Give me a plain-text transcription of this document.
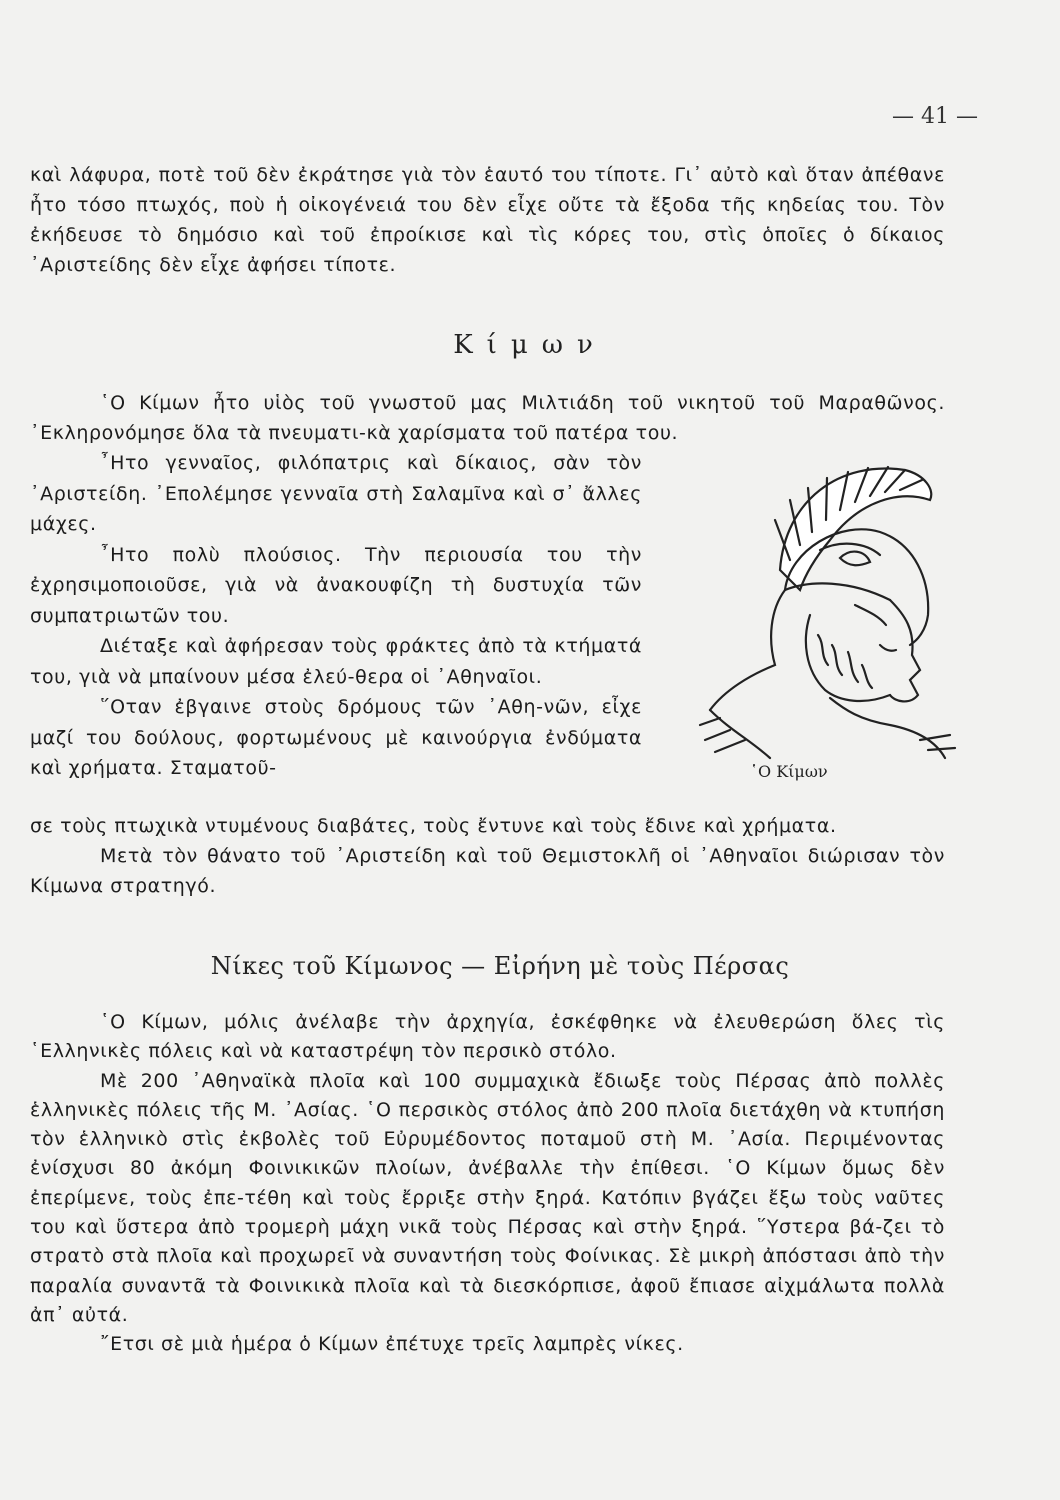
— 41 —

καὶ λάφυρα, ποτὲ τοῦ δὲν ἐκράτησε γιὰ τὸν ἑαυτό του τίποτε. Γι᾿ αὐτὸ καὶ ὅταν ἀπέθανε ἦτο τόσο πτωχός, ποὺ ἡ οἰκογένειά του δὲν εἶχε οὔτε τὰ ἔξοδα τῆς κηδείας του. Τὸν ἐκήδευσε τὸ δημόσιο καὶ τοῦ ἐπροίκισε καὶ τὶς κόρες του, στὶς ὁποῖες ὁ δίκαιος ᾿Αριστείδης δὲν εἶχε ἀφήσει τίποτε.

Κίμων

῾Ο Κίμων ἦτο υἱὸς τοῦ γνωστοῦ μας Μιλτιάδη τοῦ νικητοῦ τοῦ Μαραθῶνος. ᾿Εκληρονόμησε ὅλα τὰ πνευματι-κὰ χαρίσματα τοῦ πατέρα του.

῏Ητο γενναῖος, φιλόπατρις καὶ δίκαιος, σὰν τὸν ᾿Αριστείδη. ᾿Επολέμησε γενναῖα στὴ Σαλαμῖνα καὶ σ᾿ ἄλλες μάχες.

῏Ητο πολὺ πλούσιος. Τὴν περιουσία του τὴν ἐχρησιμοποιοῦσε, γιὰ νὰ ἀνακουφίζη τὴ δυστυχία τῶν συμπατριωτῶν του.

Διέταξε καὶ ἀφήρεσαν τοὺς φράκτες ἀπὸ τὰ κτήματά του, γιὰ νὰ μπαίνουν μέσα ἐλεύ-θερα οἱ ᾿Αθηναῖοι.

῞Οταν ἐβγαινε στοὺς δρόμους τῶν ᾿Αθη-νῶν, εἶχε μαζί του δούλους, φορτωμένους μὲ καινούργια ἐνδύματα καὶ χρήματα. Σταματοῦ-	῾Ο Κίμων

σε τοὺς πτωχικὰ ντυμένους διαβάτες, τοὺς ἔντυνε καὶ τοὺς ἔδινε καὶ χρήματα.

Μετὰ τὸν θάνατο τοῦ ᾿Αριστείδη καὶ τοῦ Θεμιστοκλῆ οἱ ᾿Αθηναῖοι διώρισαν τὸν Κίμωνα στρατηγό.

Νίκες τοῦ Κίμωνος — Εἰρήνη μὲ τοὺς Πέρσας

῾Ο Κίμων, μόλις ἀνέλαβε τὴν ἀρχηγία, ἐσκέφθηκε νὰ ἐλευθερώση ὅλες τὶς ῾Ελληνικὲς πόλεις καὶ νὰ καταστρέψη τὸν περσικὸ στόλο.

Μὲ 200 ᾿Αθηναϊκὰ πλοῖα καὶ 100 συμμαχικὰ ἔδιωξε τοὺς Πέρσας ἀπὸ πολλὲς ἑλληνικὲς πόλεις τῆς Μ. ᾿Ασίας. ῾Ο περσικὸς στόλος ἀπὸ 200 πλοῖα διετάχθη νὰ κτυπήση τὸν ἑλληνικὸ στὶς ἐκβολὲς τοῦ Εὐρυμέδοντος ποταμοῦ στὴ Μ. ᾿Ασία. Περιμένοντας ἐνίσχυσι 80 ἀκόμη Φοινικικῶν πλοίων, ἀνέβαλλε τὴν ἐπίθεσι. ῾Ο Κίμων ὅμως δὲν ἐπερίμενε, τοὺς ἐπε-τέθη καὶ τοὺς ἔρριξε στὴν ξηρά. Κατόπιν βγάζει ἔξω τοὺς ναῦτες του καὶ ὕστερα ἀπὸ τρομερὴ μάχη νικᾶ τοὺς Πέρσας καὶ στὴν ξηρά. ῞Υστερα βά-ζει τὸ στρατὸ στὰ πλοῖα καὶ προχωρεῖ νὰ συναντήση τοὺς Φοίνικας. Σὲ μικρὴ ἀπόστασι ἀπὸ τὴν παραλία συναντᾶ τὰ Φοινικικὰ πλοῖα καὶ τὰ διεσκόρπισε, ἀφοῦ ἔπιασε αἰχμάλωτα πολλὰ ἀπ᾿ αὐτά.

῎Ετσι σὲ μιὰ ἡμέρα ὁ Κίμων ἐπέτυχε τρεῖς λαμπρὲς νίκες.
